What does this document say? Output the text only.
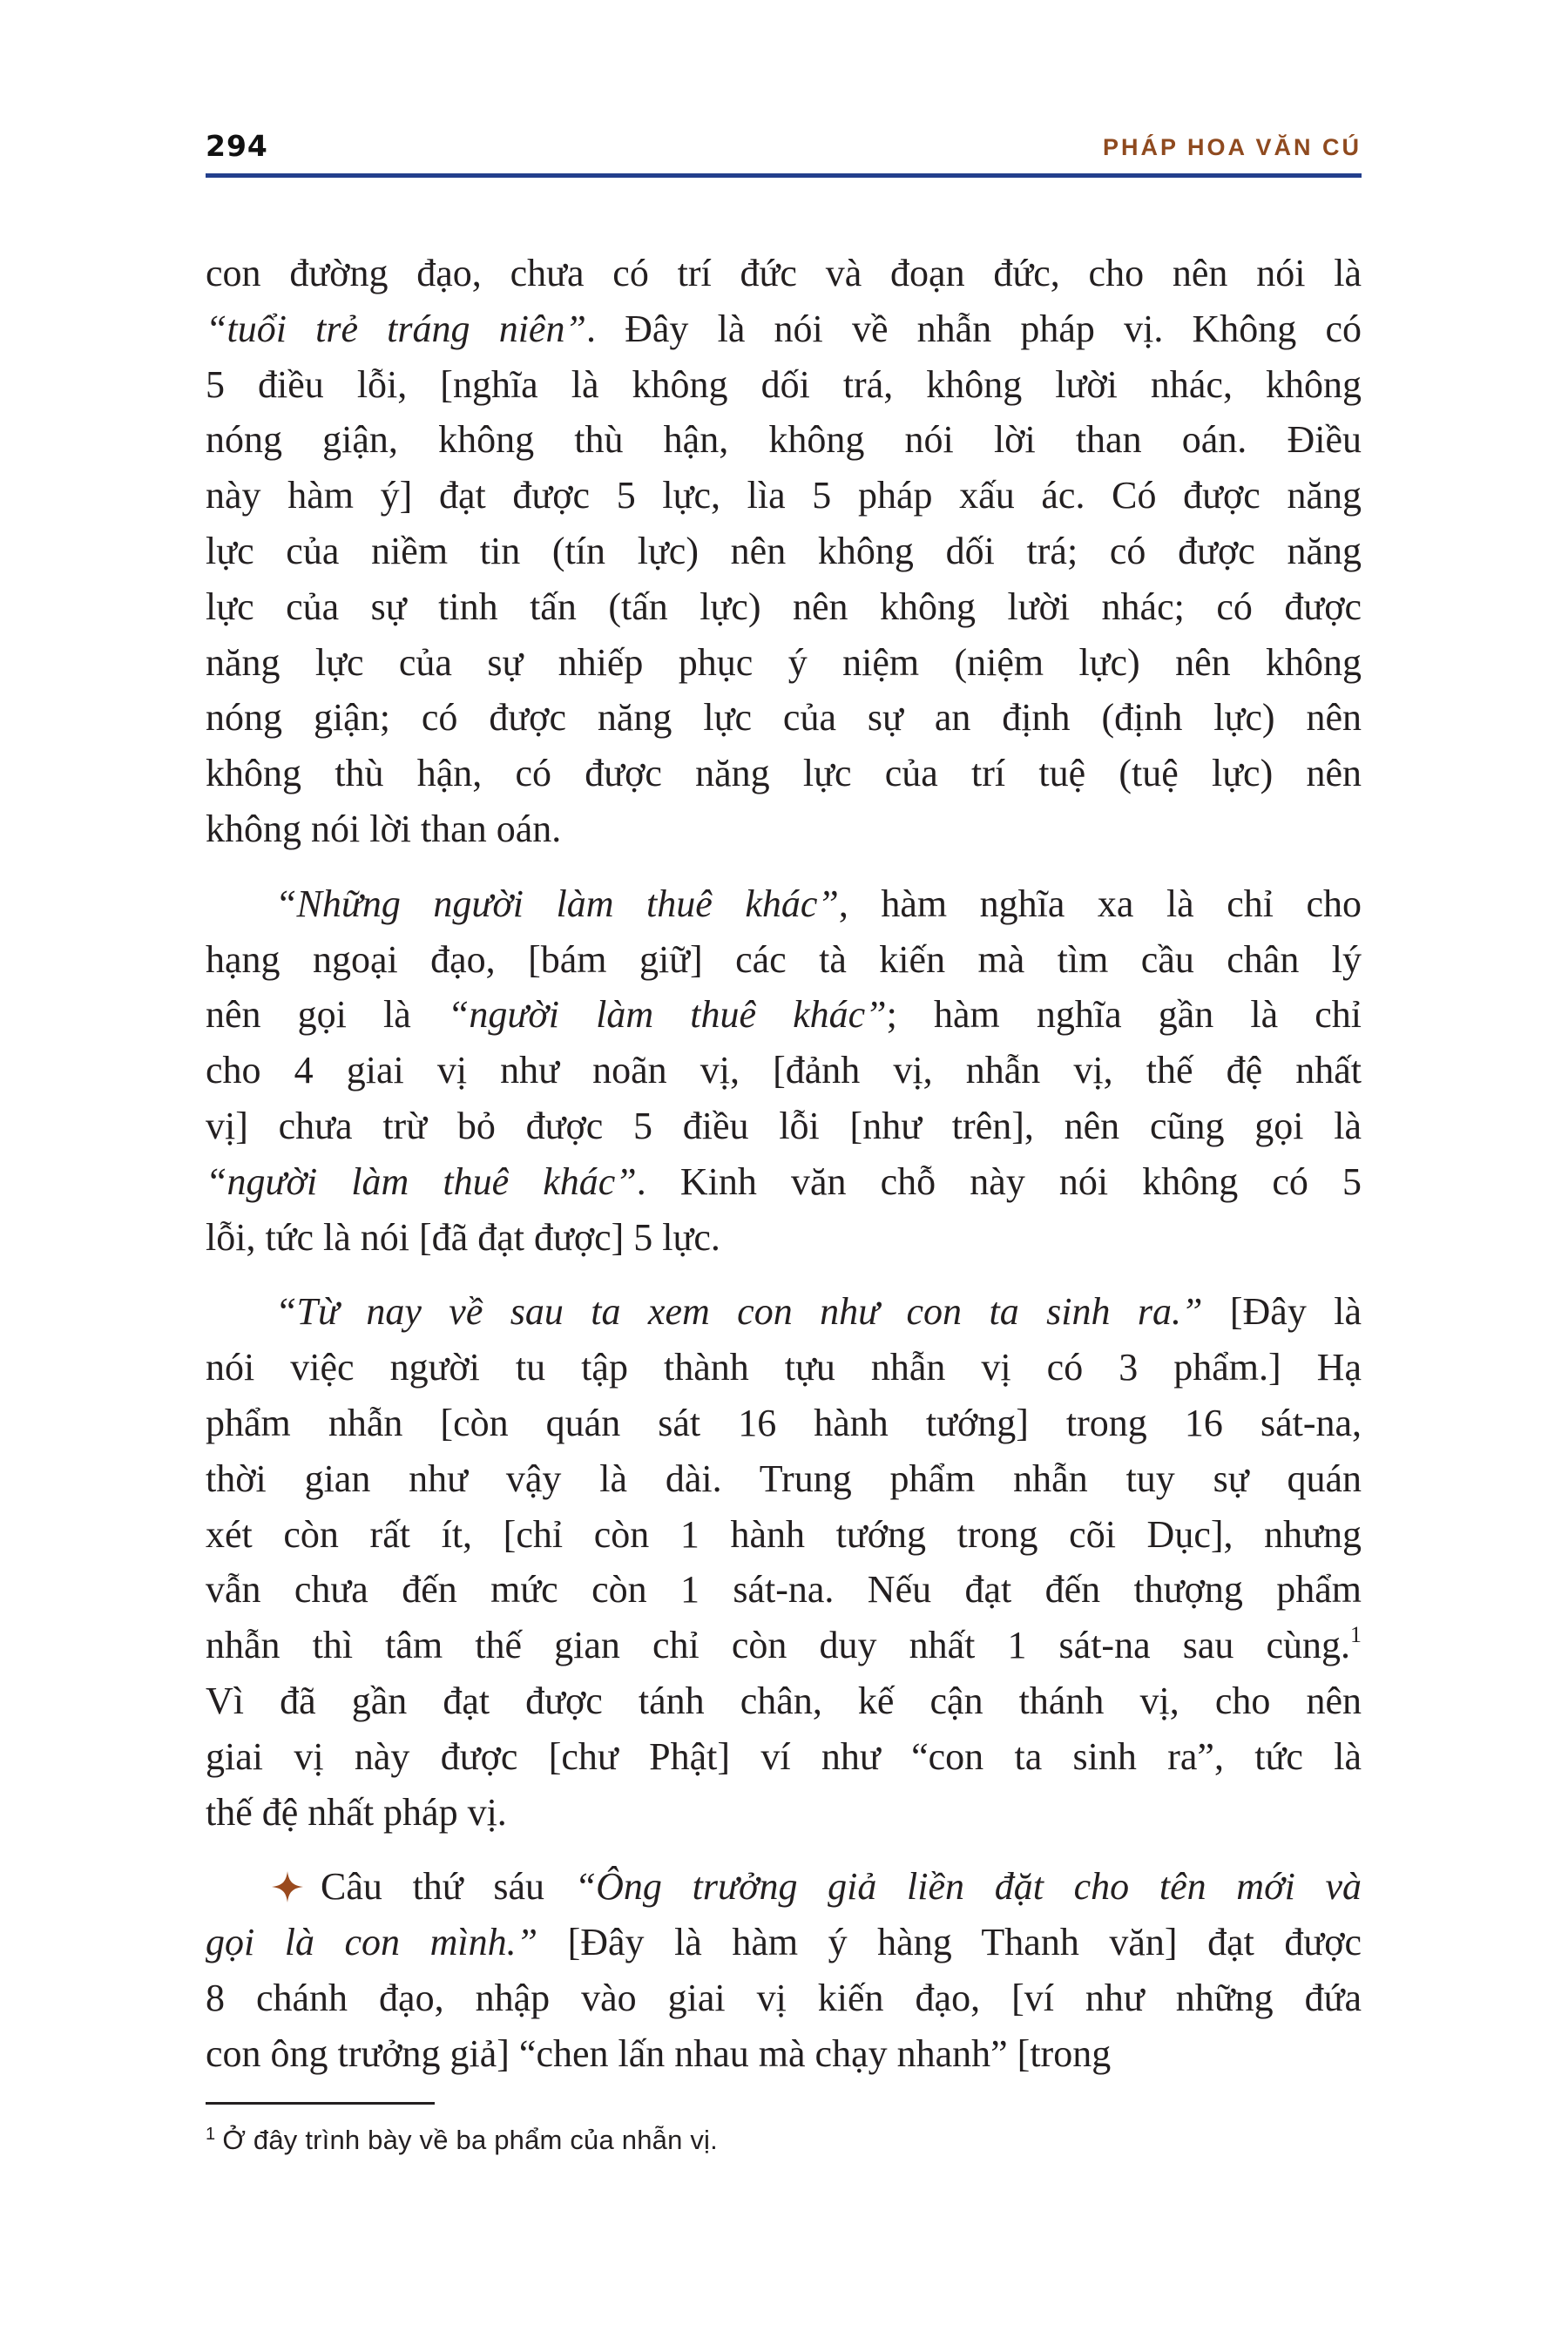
294	PHÁP HOA VĂN CÚ
con đường đạo, chưa có trí đức và đoạn đức, cho nên nói là
“tuổi trẻ tráng niên”. Đây là nói về nhẫn pháp vị. Không có
5 điều lỗi, [nghĩa là không dối trá, không lười nhác, không
nóng giận, không thù hận, không nói lời than oán. Điều
này hàm ý] đạt được 5 lực, lìa 5 pháp xấu ác. Có được năng
lực của niềm tin (tín lực) nên không dối trá; có được năng
lực của sự tinh tấn (tấn lực) nên không lười nhác; có được
năng lực của sự nhiếp phục ý niệm (niệm lực) nên không
nóng giận; có được năng lực của sự an định (định lực) nên
không thù hận, có được năng lực của trí tuệ (tuệ lực) nên
không nói lời than oán.
“Những người làm thuê khác”, hàm nghĩa xa là chỉ cho
hạng ngoại đạo, [bám giữ] các tà kiến mà tìm cầu chân lý
nên gọi là “người làm thuê khác”; hàm nghĩa gần là chỉ
cho 4 giai vị như noãn vị, [đảnh vị, nhẫn vị, thế đệ nhất
vị] chưa trừ bỏ được 5 điều lỗi [như trên], nên cũng gọi là
“người làm thuê khác”. Kinh văn chỗ này nói không có 5
lỗi, tức là nói [đã đạt được] 5 lực.
“Từ nay về sau ta xem con như con ta sinh ra.” [Đây là
nói việc người tu tập thành tựu nhẫn vị có 3 phẩm.] Hạ
phẩm nhẫn [còn quán sát 16 hành tướng] trong 16 sát-na,
thời gian như vậy là dài. Trung phẩm nhẫn tuy sự quán
xét còn rất ít, [chỉ còn 1 hành tướng trong cõi Dục], nhưng
vẫn chưa đến mức còn 1 sát-na. Nếu đạt đến thượng phẩm
nhẫn thì tâm thế gian chỉ còn duy nhất 1 sát-na sau cùng.$^1$
Vì đã gần đạt được tánh chân, kế cận thánh vị, cho nên
giai vị này được [chư Phật] ví như “con ta sinh ra”, tức là
thế đệ nhất pháp vị.
Câu thứ sáu “Ông trưởng giả liền đặt cho tên mới và
gọi là con mình.” [Đây là hàm ý hàng Thanh văn] đạt được
8 chánh đạo, nhập vào giai vị kiến đạo, [ví như những đứa
con ông trưởng giả] “chen lấn nhau mà chạy nhanh” [trong
$^1$ Ở đây trình bày về ba phẩm của nhẫn vị.
